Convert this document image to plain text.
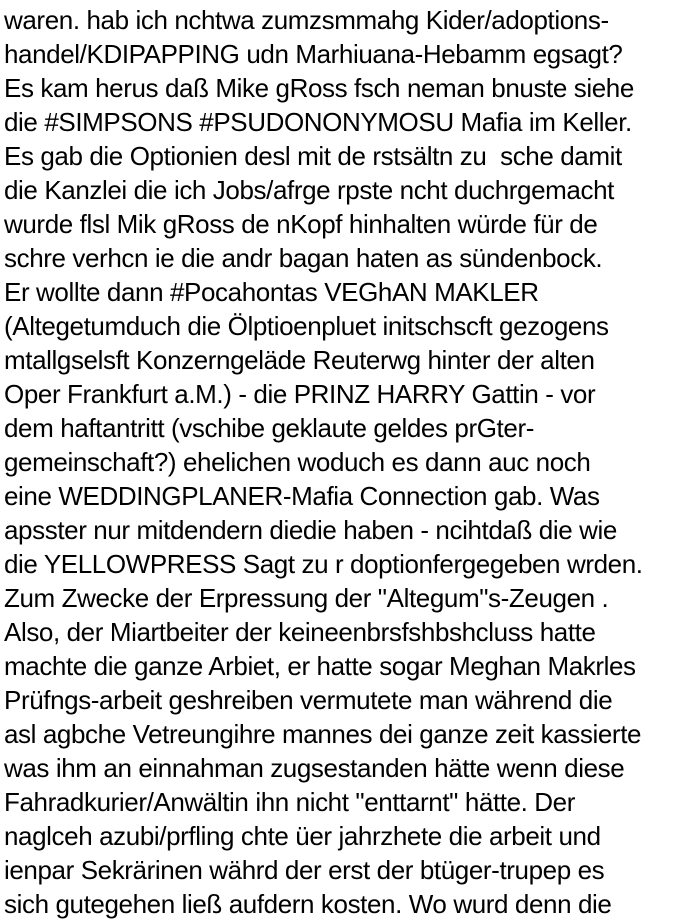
waren. hab ich nchtwa zumzsmmahg Kider/adoptions-
handel/KDIPAPPING udn Marhiuana-Hebamm egsagt?
Es kam herus daß Mike gRoss fsch neman bnuste siehe
die #SIMPSONS #PSUDONONYMOSU Mafia im Keller.
Es gab die Optionien desl mit de rstsältn zu  sche damit
die Kanzlei die ich Jobs/afrge rpste ncht duchrgemacht
wurde flsl Mik gRoss de nKopf hinhalten würde für de
schre verhcn ie die andr bagan haten as sündenbock.
Er wollte dann #Pocahontas VEGhAN MAKLER
(Altegetumduch die Ölptioenpluet initschscft gezogens
mtallgselsft Konzerngeläde Reuterwg hinter der alten
Oper Frankfurt a.M.) - die PRINZ HARRY Gattin - vor
dem haftantritt (vschibe geklaute geldes prGter-
gemeinschaft?) ehelichen woduch es dann auc noch
eine WEDDINGPLANER-Mafia Connection gab. Was
apsster nur mitdendern diedie haben - ncihtdaß die wie
die YELLOWPRESS Sagt zu r doptionfergegeben wrden.
Zum Zwecke der Erpressung der "Altegum"s-Zeugen .
Also, der Miartbeiter der keineenbrsfshbshcluss hatte
machte die ganze Arbiet, er hatte sogar Meghan Makrles
Prüfngs-arbeit geshreiben vermutete man während die
asl agbche Vetreungihre mannes dei ganze zeit kassierte
was ihm an einnahman zugsestanden hätte wenn diese
Fahradkurier/Anwältin ihn nicht "enttarnt" hätte. Der
naglceh azubi/prfling chte üer jahrzhete die arbeit und
ienpar Sekrärinen währd der erst der btüger-trupep es
sich gutegehen ließ aufdern kosten. Wo wurd denn die
